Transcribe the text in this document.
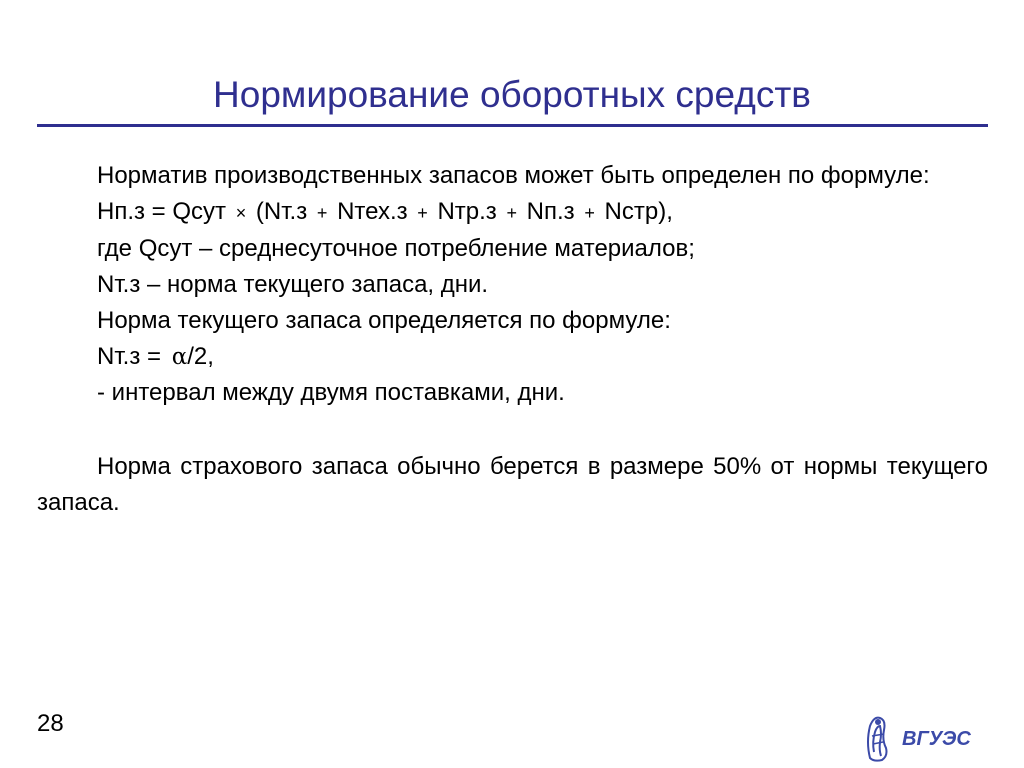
Нормирование оборотных средств

Норматив производственных запасов может быть определен по формуле:

Нп.з = Qсут × (Nт.з + Nтех.з + Nтр.з + Nп.з + Nстр),

где Qсут – среднесуточное потребление материалов;

Nт.з – норма текущего запаса, дни.

Норма текущего запаса определяется по формуле:

Nт.з = α/2,

- интервал между двумя поставками, дни.

Норма страхового запаса обычно берется в размере 50% от нормы текущего запаса.

28
ВГУЭС
